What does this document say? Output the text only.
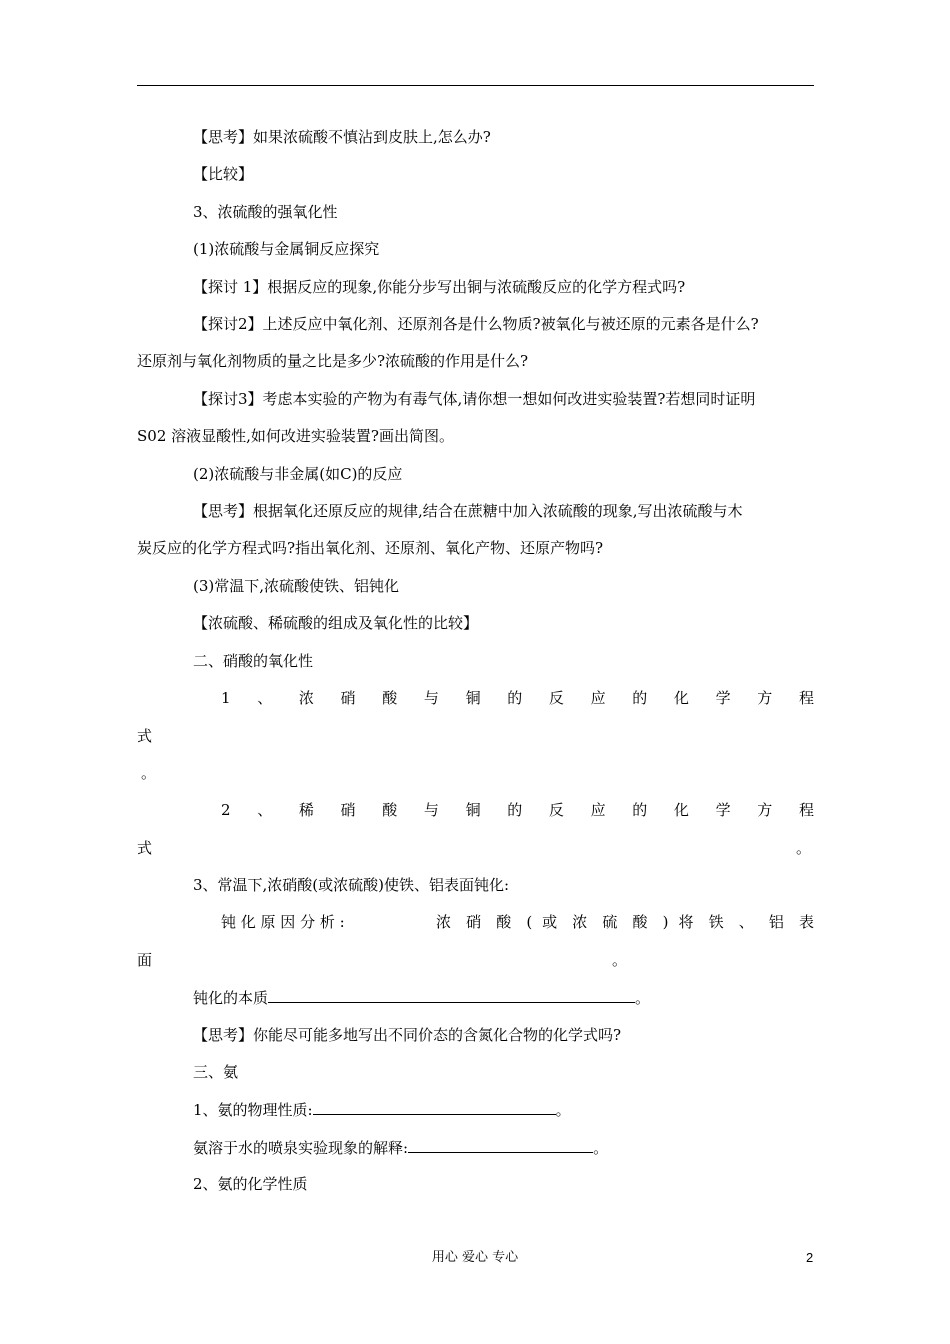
【思考】如果浓硫酸不慎沾到皮肤上,怎么办?
【比较】
3、浓硫酸的强氧化性
(1)浓硫酸与金属铜反应探究
【探讨 1】根据反应的现象,你能分步写出铜与浓硫酸反应的化学方程式吗?
【探讨2】上述反应中氧化剂、还原剂各是什么物质?被氧化与被还原的元素各是什么?
还原剂与氧化剂物质的量之比是多少?浓硫酸的作用是什么?
【探讨3】考虑本实验的产物为有毒气体,请你想一想如何改进实验装置?若想同时证明
S02 溶液显酸性,如何改进实验装置?画出简图。
(2)浓硫酸与非金属(如C)的反应
【思考】根据氧化还原反应的规律,结合在蔗糖中加入浓硫酸的现象,写出浓硫酸与木
炭反应的化学方程式吗?指出氧化剂、还原剂、氧化产物、还原产物吗?
(3)常温下,浓硫酸使铁、铝钝化
【浓硫酸、稀硫酸的组成及氧化性的比较】
二、硝酸的氧化性
1 、 浓 硝 酸 与 铜 的 反 应 的 化 学 方 程
式
。
2 、 稀 硝 酸 与 铜 的 反 应 的 化 学 方 程
式	。
3、常温下,浓硝酸(或浓硫酸)使铁、铝表面钝化:
钝 化 原 因 分 析 :	浓 硝 酸 ( 或 浓 硫 酸 ) 将 铁 、 铝 表
面	。
钝化的本质	。
【思考】你能尽可能多地写出不同价态的含氮化合物的化学式吗?
三、氨
1、氨的物理性质:	。
氨溶于水的喷泉实验现象的解释:	。
2、氨的化学性质
用心 爱心 专心	2
